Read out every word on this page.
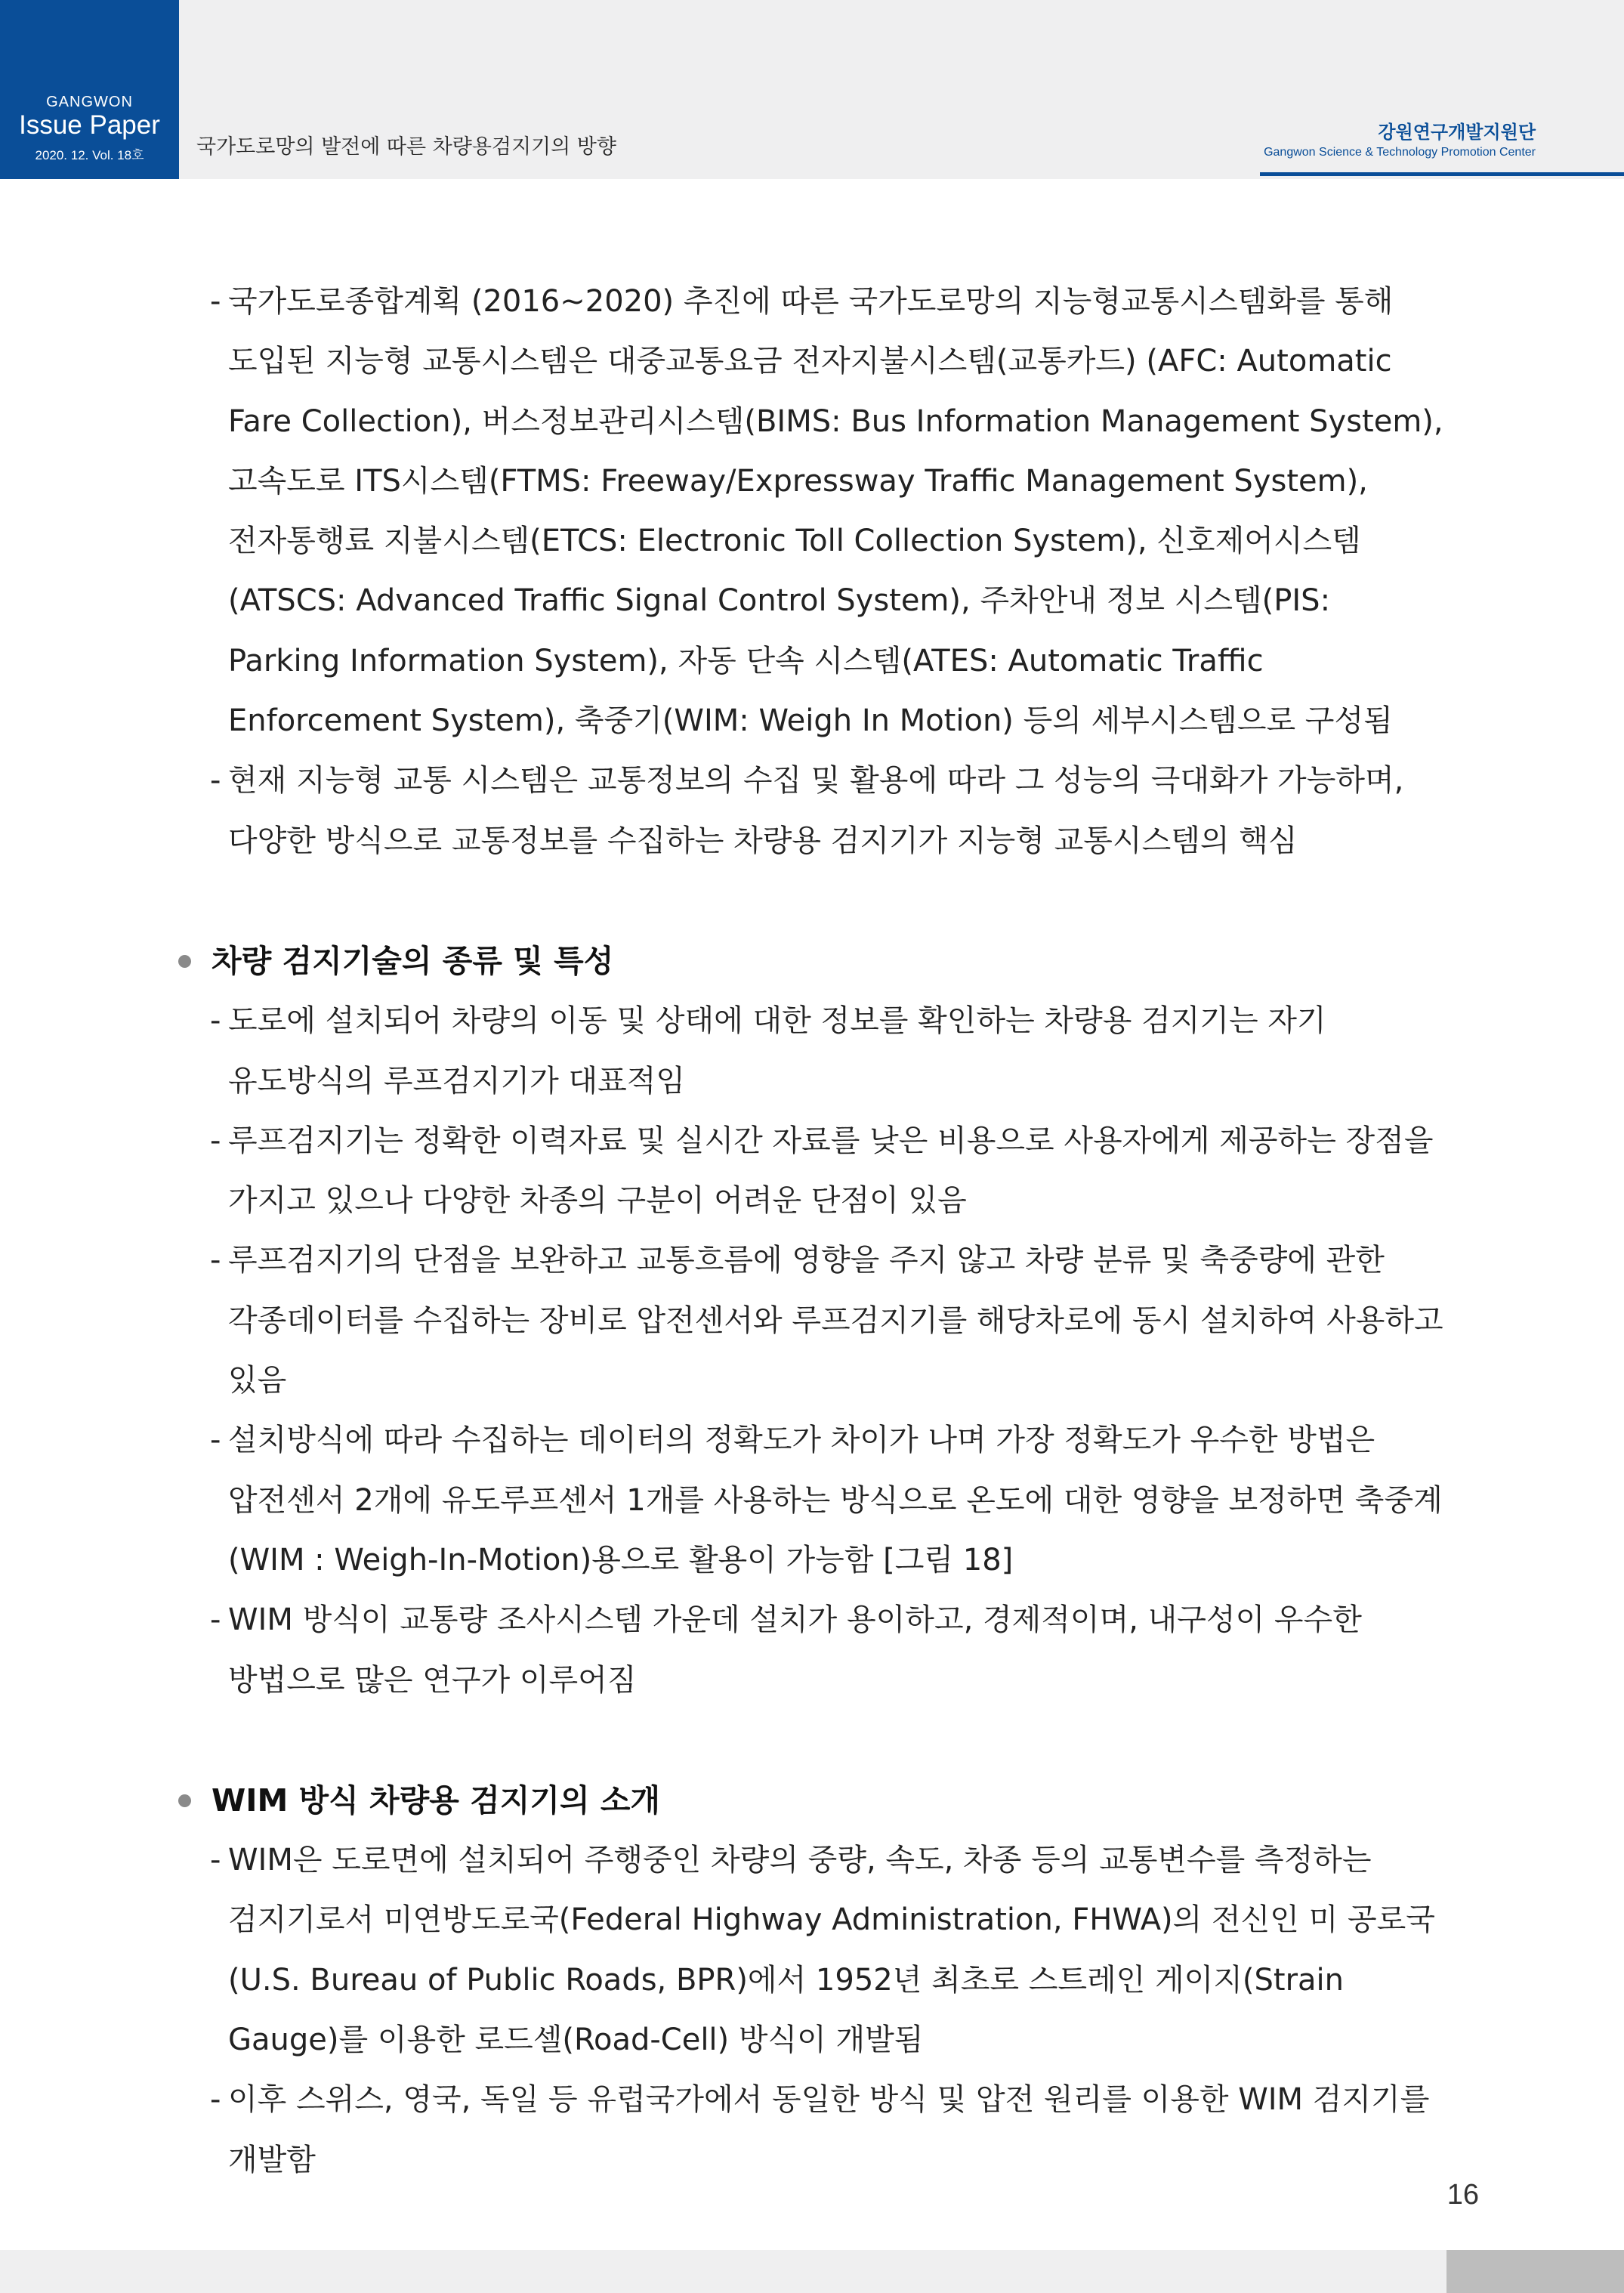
GANGWON
Issue Paper
2020. 12. Vol. 18호	국가도로망의 발전에 따른 차량용검지기의 방향
강원연구개발지원단
Gangwon Science & Technology Promotion Center
- 국가도로종합계획 (2016~2020) 추진에 따른 국가도로망의 지능형교통시스템화를 통해 도입된 지능형 교통시스템은 대중교통요금 전자지불시스템(교통카드) (AFC: Automatic Fare Collection), 버스정보관리시스템(BIMS: Bus Information Management System), 고속도로 ITS시스템(FTMS: Freeway/Expressway Traffic Management System), 전자통행료 지불시스템(ETCS: Electronic Toll Collection System), 신호제어시스템(ATSCS: Advanced Traffic Signal Control System), 주차안내 정보 시스템(PIS: Parking Information System), 자동 단속 시스템(ATES: Automatic Traffic Enforcement System), 축중기(WIM: Weigh In Motion) 등의 세부시스템으로 구성됨
- 현재 지능형 교통 시스템은 교통정보의 수집 및 활용에 따라 그 성능의 극대화가 가능하며, 다양한 방식으로 교통정보를 수집하는 차량용 검지기가 지능형 교통시스템의 핵심
차량 검지기술의 종류 및 특성
- 도로에 설치되어 차량의 이동 및 상태에 대한 정보를 확인하는 차량용 검지기는 자기 유도방식의 루프검지기가 대표적임
- 루프검지기는 정확한 이력자료 및 실시간 자료를 낮은 비용으로 사용자에게 제공하는 장점을 가지고 있으나 다양한 차종의 구분이 어려운 단점이 있음
- 루프검지기의 단점을 보완하고 교통흐름에 영향을 주지 않고 차량 분류 및 축중량에 관한 각종데이터를 수집하는 장비로 압전센서와 루프검지기를 해당차로에 동시 설치하여 사용하고 있음
- 설치방식에 따라 수집하는 데이터의 정확도가 차이가 나며 가장 정확도가 우수한 방법은 압전센서 2개에 유도루프센서 1개를 사용하는 방식으로 온도에 대한 영향을 보정하면 축중계(WIM : Weigh-In-Motion)용으로 활용이 가능함 [그림 18]
- WIM 방식이 교통량 조사시스템 가운데 설치가 용이하고, 경제적이며, 내구성이 우수한 방법으로 많은 연구가 이루어짐
WIM 방식 차량용 검지기의 소개
- WIM은 도로면에 설치되어 주행중인 차량의 중량, 속도, 차종 등의 교통변수를 측정하는 검지기로서 미연방도로국(Federal Highway Administration, FHWA)의 전신인 미 공로국(U.S. Bureau of Public Roads, BPR)에서 1952년 최초로 스트레인 게이지(Strain Gauge)를 이용한 로드셀(Road-Cell) 방식이 개발됨
- 이후 스위스, 영국, 독일 등 유럽국가에서 동일한 방식 및 압전 원리를 이용한 WIM 검지기를 개발함
16
